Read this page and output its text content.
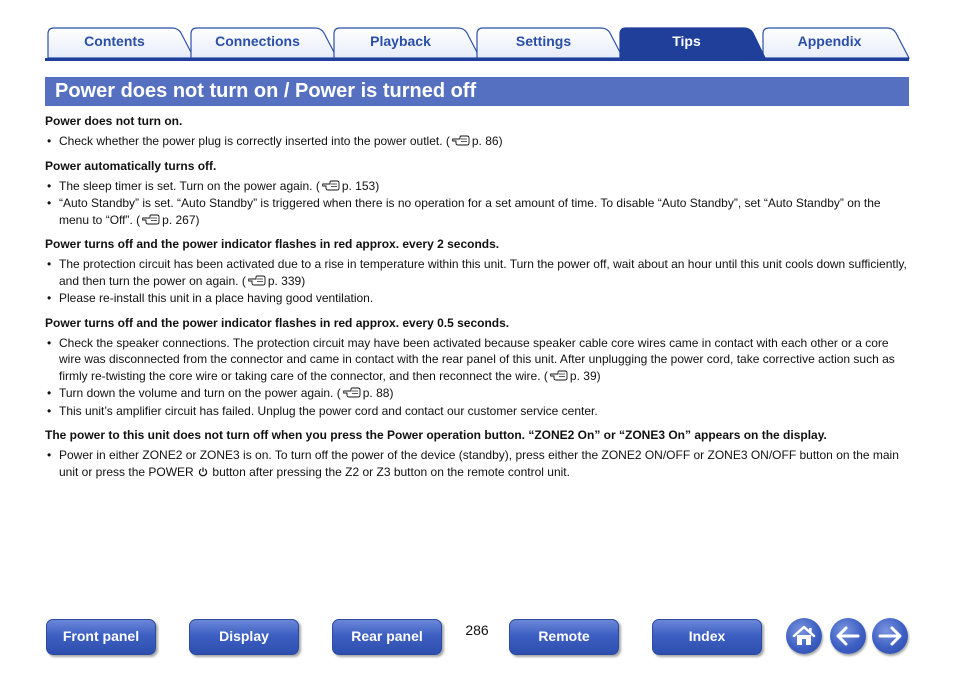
Contents	Connections	Playback	Settings	Tips	Appendix
Power does not turn on / Power is turned off
Power does not turn on.
• Check whether the power plug is correctly inserted into the power outlet. ( p. 86)
Power automatically turns off.
• The sleep timer is set. Turn on the power again. ( p. 153)
• “Auto Standby” is set. “Auto Standby” is triggered when there is no operation for a set amount of time. To disable “Auto Standby”, set “Auto Standby” on the menu to “Off”. ( p. 267)
Power turns off and the power indicator flashes in red approx. every 2 seconds.
• The protection circuit has been activated due to a rise in temperature within this unit. Turn the power off, wait about an hour until this unit cools down sufficiently, and then turn the power on again. ( p. 339)
• Please re-install this unit in a place having good ventilation.
Power turns off and the power indicator flashes in red approx. every 0.5 seconds.
• Check the speaker connections. The protection circuit may have been activated because speaker cable core wires came in contact with each other or a core wire was disconnected from the connector and came in contact with the rear panel of this unit. After unplugging the power cord, take corrective action such as firmly re-twisting the core wire or taking care of the connector, and then reconnect the wire. ( p. 39)
• Turn down the volume and turn on the power again. ( p. 88)
• This unit’s amplifier circuit has failed. Unplug the power cord and contact our customer service center.
The power to this unit does not turn off when you press the Power operation button. “ZONE2 On” or “ZONE3 On” appears on the display.
• Power in either ZONE2 or ZONE3 is on. To turn off the power of the device (standby), press either the ZONE2 ON/OFF or ZONE3 ON/OFF button on the main unit or press the POWER button after pressing the Z2 or Z3 button on the remote control unit.
Front panel	Display	Rear panel	286	Remote	Index
